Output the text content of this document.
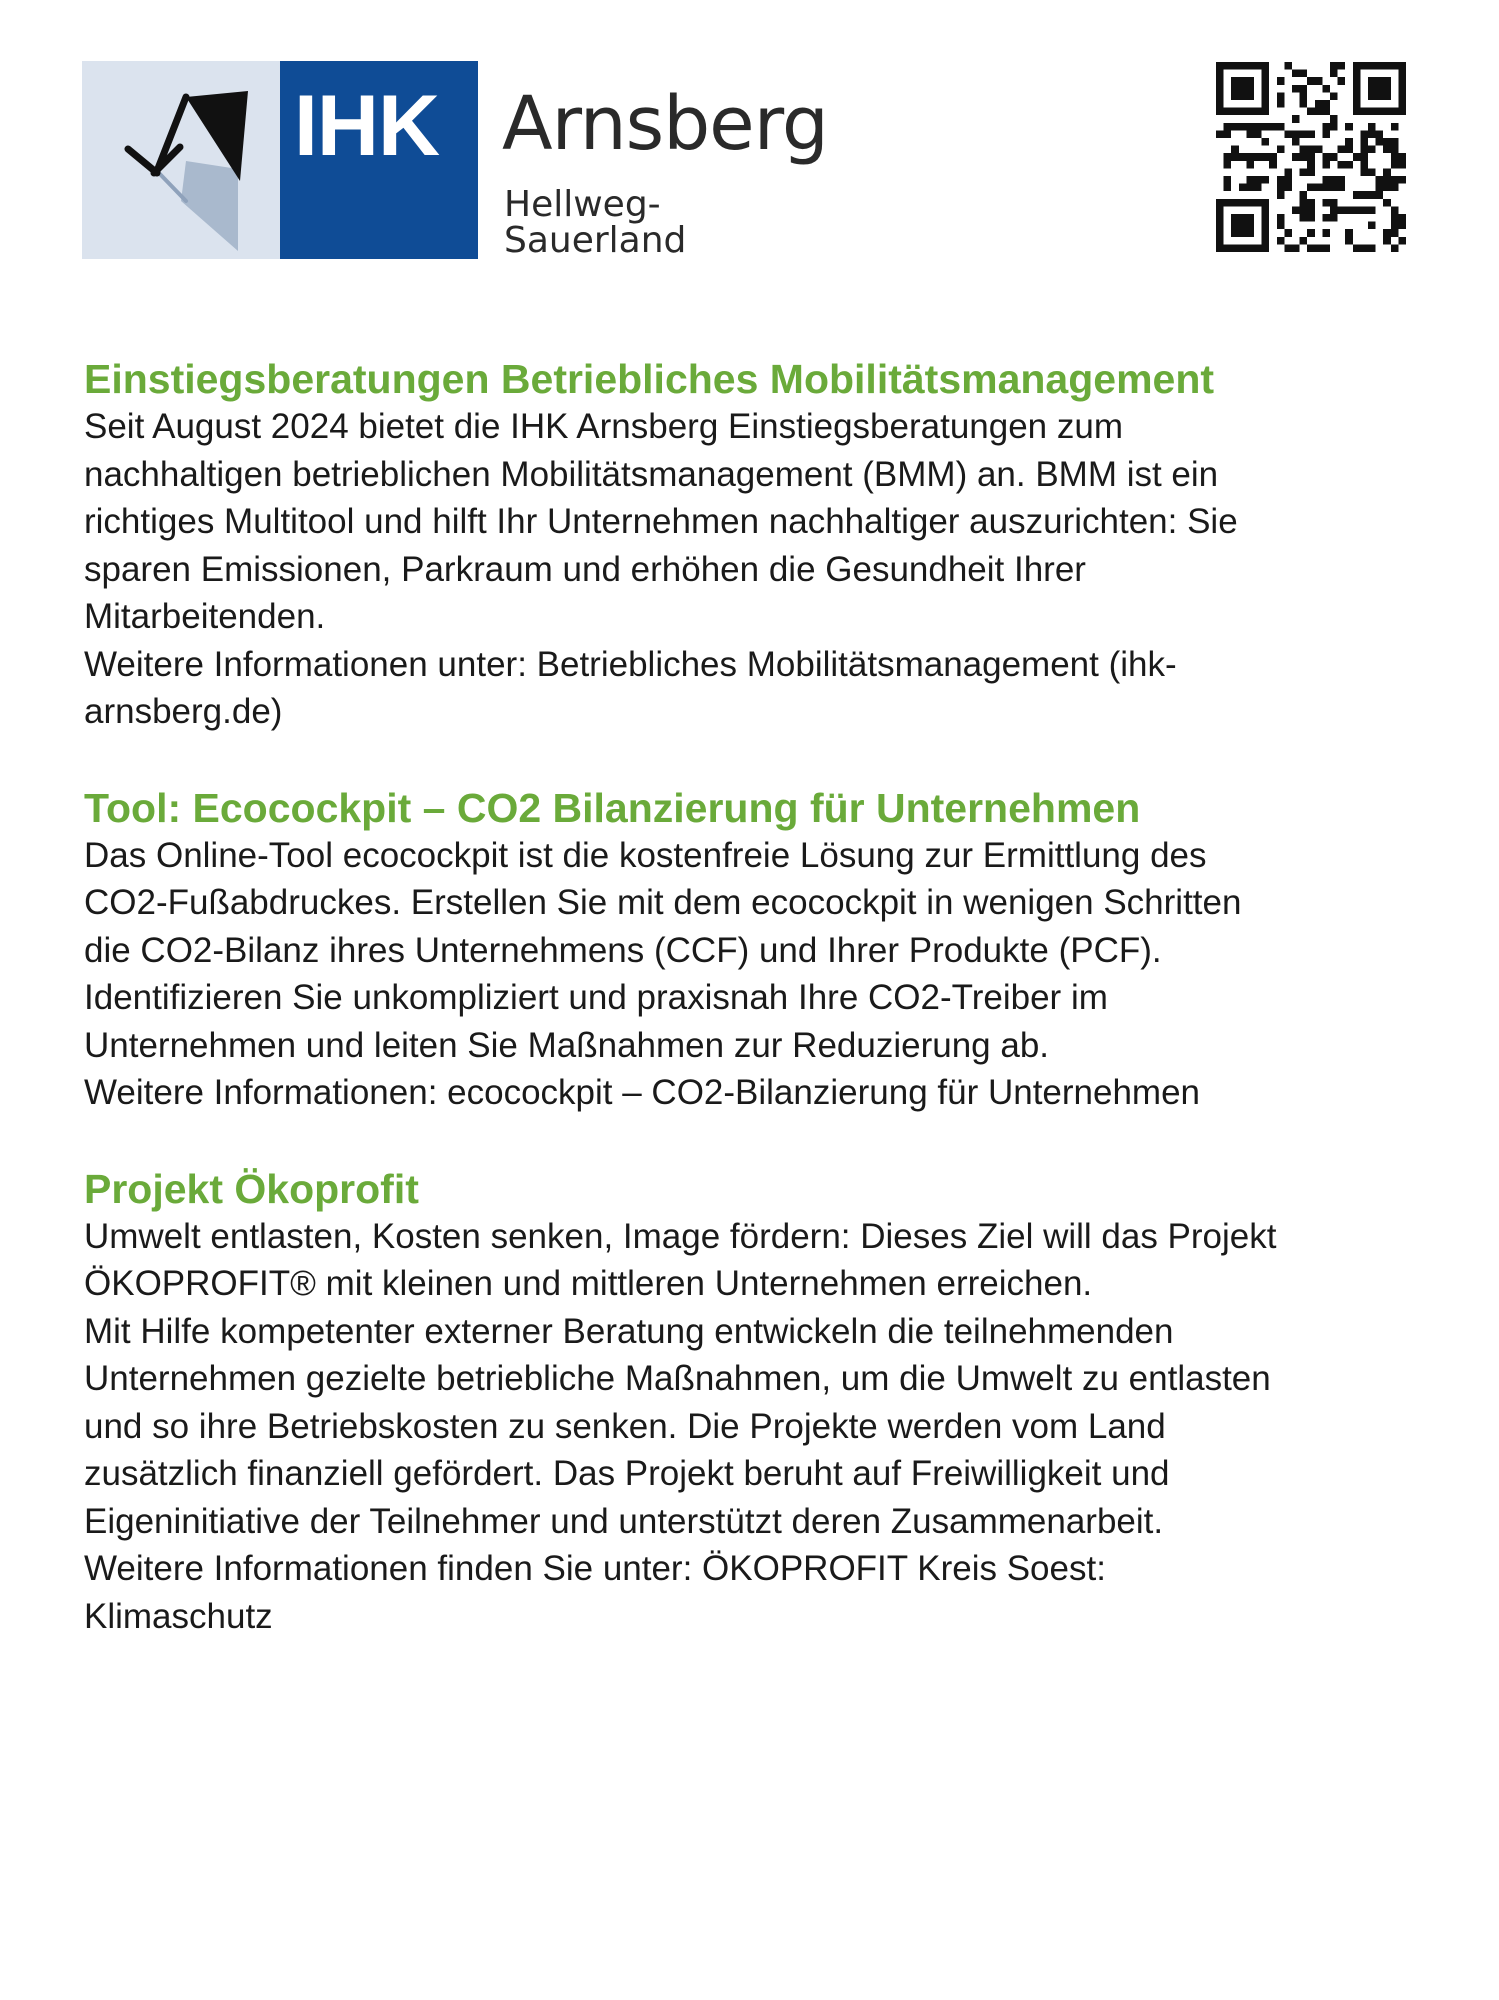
IHK Arnsberg
Hellweg-Sauerland
Einstiegsberatungen Betriebliches Mobilitätsmanagement

Seit August 2024 bietet die IHK Arnsberg Einstiegsberatungen zum
nachhaltigen betrieblichen Mobilitätsmanagement (BMM) an. BMM ist ein
richtiges Multitool und hilft Ihr Unternehmen nachhaltiger auszurichten: Sie
sparen Emissionen, Parkraum und erhöhen die Gesundheit Ihrer
Mitarbeitenden.
Weitere Informationen unter: Betriebliches Mobilitätsmanagement (ihk-
arnsberg.de)

Tool: Ecocockpit – CO2 Bilanzierung für Unternehmen

Das Online-Tool ecocockpit ist die kostenfreie Lösung zur Ermittlung des
CO2-Fußabdruckes. Erstellen Sie mit dem ecocockpit in wenigen Schritten
die CO2-Bilanz ihres Unternehmens (CCF) und Ihrer Produkte (PCF).
Identifizieren Sie unkompliziert und praxisnah Ihre CO2-Treiber im
Unternehmen und leiten Sie Maßnahmen zur Reduzierung ab.
Weitere Informationen: ecocockpit – CO2-Bilanzierung für Unternehmen

Projekt Ökoprofit

Umwelt entlasten, Kosten senken, Image fördern: Dieses Ziel will das Projekt
ÖKOPROFIT® mit kleinen und mittleren Unternehmen erreichen.
Mit Hilfe kompetenter externer Beratung entwickeln die teilnehmenden
Unternehmen gezielte betriebliche Maßnahmen, um die Umwelt zu entlasten
und so ihre Betriebskosten zu senken. Die Projekte werden vom Land
zusätzlich finanziell gefördert. Das Projekt beruht auf Freiwilligkeit und
Eigeninitiative der Teilnehmer und unterstützt deren Zusammenarbeit.
Weitere Informationen finden Sie unter: ÖKOPROFIT Kreis Soest:
Klimaschutz
